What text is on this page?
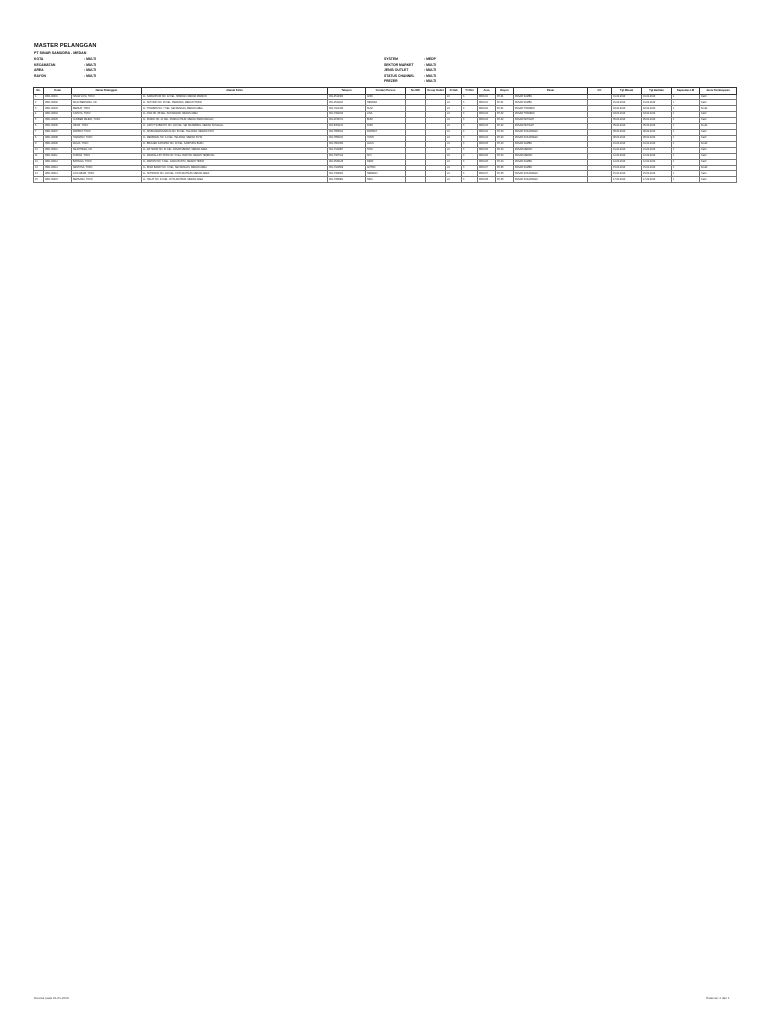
MASTER PELANGGAN
PT SINAR SAMUDRA - MEDAN
KOTA	: MULTI
KECAMATAN	: MULTI
AREA	: MULTI
RAYON	: MULTI
SYSTEM	: MEDP
SEKTOR MARKET	: MULTI
JENIS OUTLET	: MULTI
STATUS CHANNEL	: MULTI
FREZER	: MULTI
No.	Kode	Nama Pelanggan	Alamat Kirim	Telepon	Contact Person	No NIK	Group Outlet	Jt Oab	Tr Dtm	Area	Rayon	Pasar	CC	Tgl Masuk	Tgl Berlaku	Kapasitas LM	Jenis Pembayaran
1	0951-00001	SINAR JAYA, TOKO	JL. SAMANHUDI NO. 12 KEL. HAMDAN, MEDAN MAIMUN	061-4512300	ANDI			LC	3	MDN-01	RY-01	PASAR SAMBU		01-02-2010	01-02-2010	1	Cash
2	0951-00002	MAJU BERSAMA, UD	JL. SUTOMO NO. 45 KEL. PERDANA, MEDAN TIMUR	061-4531102	HENDRA			LC	3	MDN-01	RY-01	PASAR SAMBU		01-02-2010	01-02-2010	1	Cash
3	0951-00003	BERKAT, TOKO	JL. THAMRIN NO. 7 KEL. SEI RENGAS, MEDAN AREA	061-7321445	SUSI			LC	3	MDN-02	RY-01	PASAR THAMRIN		03-02-2010	03-02-2010	1	Kredit
4	0951-00004	CAHAYA, TOKO	JL. ASIA NO. 88 KEL. SUKARAMAI, MEDAN AREA	061-7362010	LINA			LC	3	MDN-02	RY-02	PASAR THAMRIN		03-02-2010	03-02-2010	1	Cash
5	0951-00005	SUMBER REJEKI, TOKO	JL. PANDU NO. 21 KEL. PANDAU HILIR, MEDAN PERJUANGAN	061-4156721	BUDI			LC	3	MDN-03	RY-02	PASAR PETISAH		05-02-2010	05-02-2010	1	Cash
6	0951-00006	ABADI, TOKO	JL. GATOT SUBROTO NO. 102 KEL. SEI SIKAMBING, MEDAN SUNGGAL	061-8451132	RUDI			LC	3	MDN-03	RY-02	PASAR PETISAH		05-02-2010	05-02-2010	1	Kredit
7	0951-00007	RAHMAT, TOKO	JL. SISINGAMANGARAJA NO. 66 KEL. TELADAN, MEDAN KOTA	061-7850914	RAHMAT			LC	3	MDN-04	RY-03	PASAR SUKARAMAI		08-02-2010	08-02-2010	1	Cash
8	0951-00008	HARAPAN, TOKO	JL. MEMORIAL NO. 14 KEL. TELADAN, MEDAN KOTA	061-7850231	YANTI			LC	3	MDN-04	RY-03	PASAR SUKARAMAI		08-02-2010	08-02-2010	1	Cash
9	0951-00009	MULIA, TOKO	JL. BRIGJEN KATAMSO NO. 19 KEL. KAMPUNG BARU	061-7861450	AGUS			LC	3	MDN-05	RY-03	PASAR SAMBU		10-02-2010	10-02-2010	1	Kredit
10	0951-00010	SEJAHTERA, UD	JL. AR HAKIM NO. 31 KEL. PASAR MERAH, MEDAN AREA	061-7341987	TONI			LC	3	MDN-05	RY-04	PASAR MERAH		10-02-2010	10-02-2010	1	Cash
11	0951-00011	KURNIA, TOKO	JL. MANDALA BY PASS NO. 5 KEL. BANTAN, MEDAN TEMBUNG	061-7367412	SITI			LC	3	MDN-06	RY-04	PASAR MERAH		12-02-2010	12-02-2010	1	Cash
12	0951-00012	BAHAGIA, TOKO	JL. MAHONI NO. 3 KEL. GANG BUNTU, MEDAN TIMUR	061-4530128	DEWI			LC	3	MDN-06	RY-04	PASAR SAMBU		12-02-2010	12-02-2010	1	Cash
13	0951-00013	SENTOSA, TOKO	JL. IRIAN BARAT NO. 9 KEL. SEI RENGAS, MEDAN AREA	061-7324509	ANTON			LC	3	MDN-07	RY-05	PASAR SAMBU		15-02-2010	15-02-2010	1	Kredit
14	0951-00014	JAYA ABADI, TOKO	JL. SUTRISNO NO. 120 KEL. KOTA MATSUM, MEDAN AREA	061-7366002	HERMAN			LC	3	MDN-07	RY-05	PASAR SUKARAMAI		15-02-2010	15-02-2010	1	Cash
15	0951-00015	BERSAMA, TOKO	JL. HALAT NO. 44 KEL. KOTA MATSUM, MEDAN AREA	061-7350981	NINA			LC	3	MDN-08	RY-05	PASAR SUKARAMAI		17-02-2010	17-02-2010	1	Cash
Dicetak pada 01-01-2010	Halaman 1 dari 1
